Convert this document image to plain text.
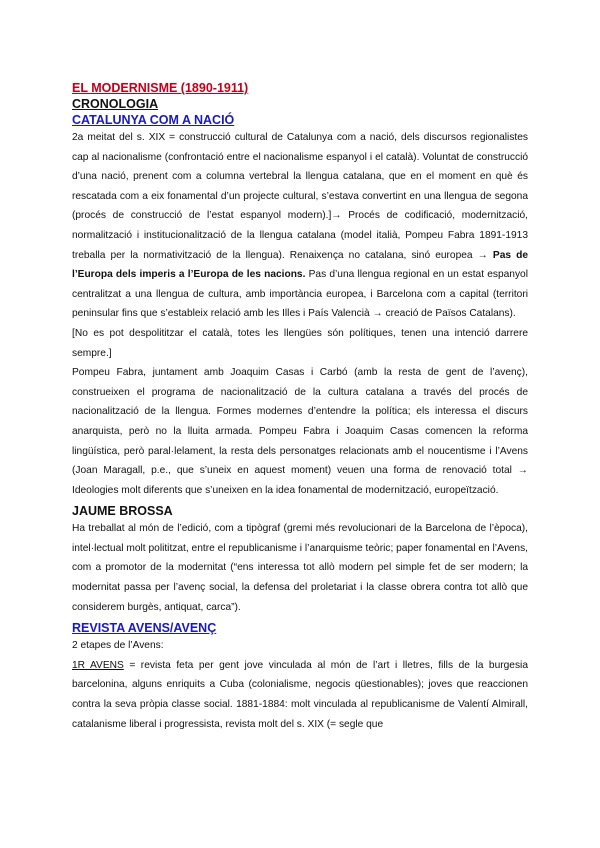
EL MODERNISME (1890-1911)
CRONOLOGIA
CATALUNYA COM A NACIÓ

2a meitat del s. XIX = construcció cultural de Catalunya com a nació, dels discursos regionalistes cap al nacionalisme (confrontació entre el nacionalisme espanyol i el català). Voluntat de construcció d’una nació, prenent com a columna vertebral la llengua catalana, que en el moment en què és rescatada com a eix fonamental d’un projecte cultural, s’estava convertint en una llengua de segona (procés de construcció de l’estat espanyol modern).]→ Procés de codificació, modernització, normalització i institucionalització de la llengua catalana (model italià, Pompeu Fabra 1891-1913 treballa per la normativització de la llengua). Renaixença no catalana, sinó europea → Pas de l’Europa dels imperis a l’Europa de les nacions. Pas d’una llengua regional en un estat espanyol centralitzat a una llengua de cultura, amb importància europea, i Barcelona com a capital (territori peninsular fins que s’estableix relació amb les Illes i País Valencià → creació de Països Catalans).

[No es pot despolititzar el català, totes les llengües són polítiques, tenen una intenció darrere sempre.]

Pompeu Fabra, juntament amb Joaquim Casas i Carbó (amb la resta de gent de l’avenç), construeixen el programa de nacionalització de la cultura catalana a través del procés de nacionalització de la llengua. Formes modernes d’entendre la política; els interessa el discurs anarquista, però no la lluita armada. Pompeu Fabra i Joaquim Casas comencen la reforma lingüística, però paral·lelament, la resta dels personatges relacionats amb el noucentisme i l’Avens (Joan Maragall, p.e., que s’uneix en aquest moment) veuen una forma de renovació total → Ideologies molt diferents que s’uneixen en la idea fonamental de modernització, europeïtzació.

JAUME BROSSA

Ha treballat al món de l’edició, com a tipògraf (gremi més revolucionari de la Barcelona de l’època), intel·lectual molt polititzat, entre el republicanisme i l’anarquisme teòric; paper fonamental en l’Avens, com a promotor de la modernitat (“ens interessa tot allò modern pel simple fet de ser modern; la modernitat passa per l’avenç social, la defensa del proletariat i la classe obrera contra tot allò que considerem burgès, antiquat, carca”).

REVISTA AVENS/AVENÇ

2 etapes de l’Avens:

1R AVENS = revista feta per gent jove vinculada al món de l’art i lletres, fills de la burgesia barcelonina, alguns enriquits a Cuba (colonialisme, negocis qüestionables); joves que reaccionen contra la seva pròpia classe social. 1881-1884: molt vinculada al republicanisme de Valentí Almirall, catalanisme liberal i progressista, revista molt del s. XIX (= segle que
